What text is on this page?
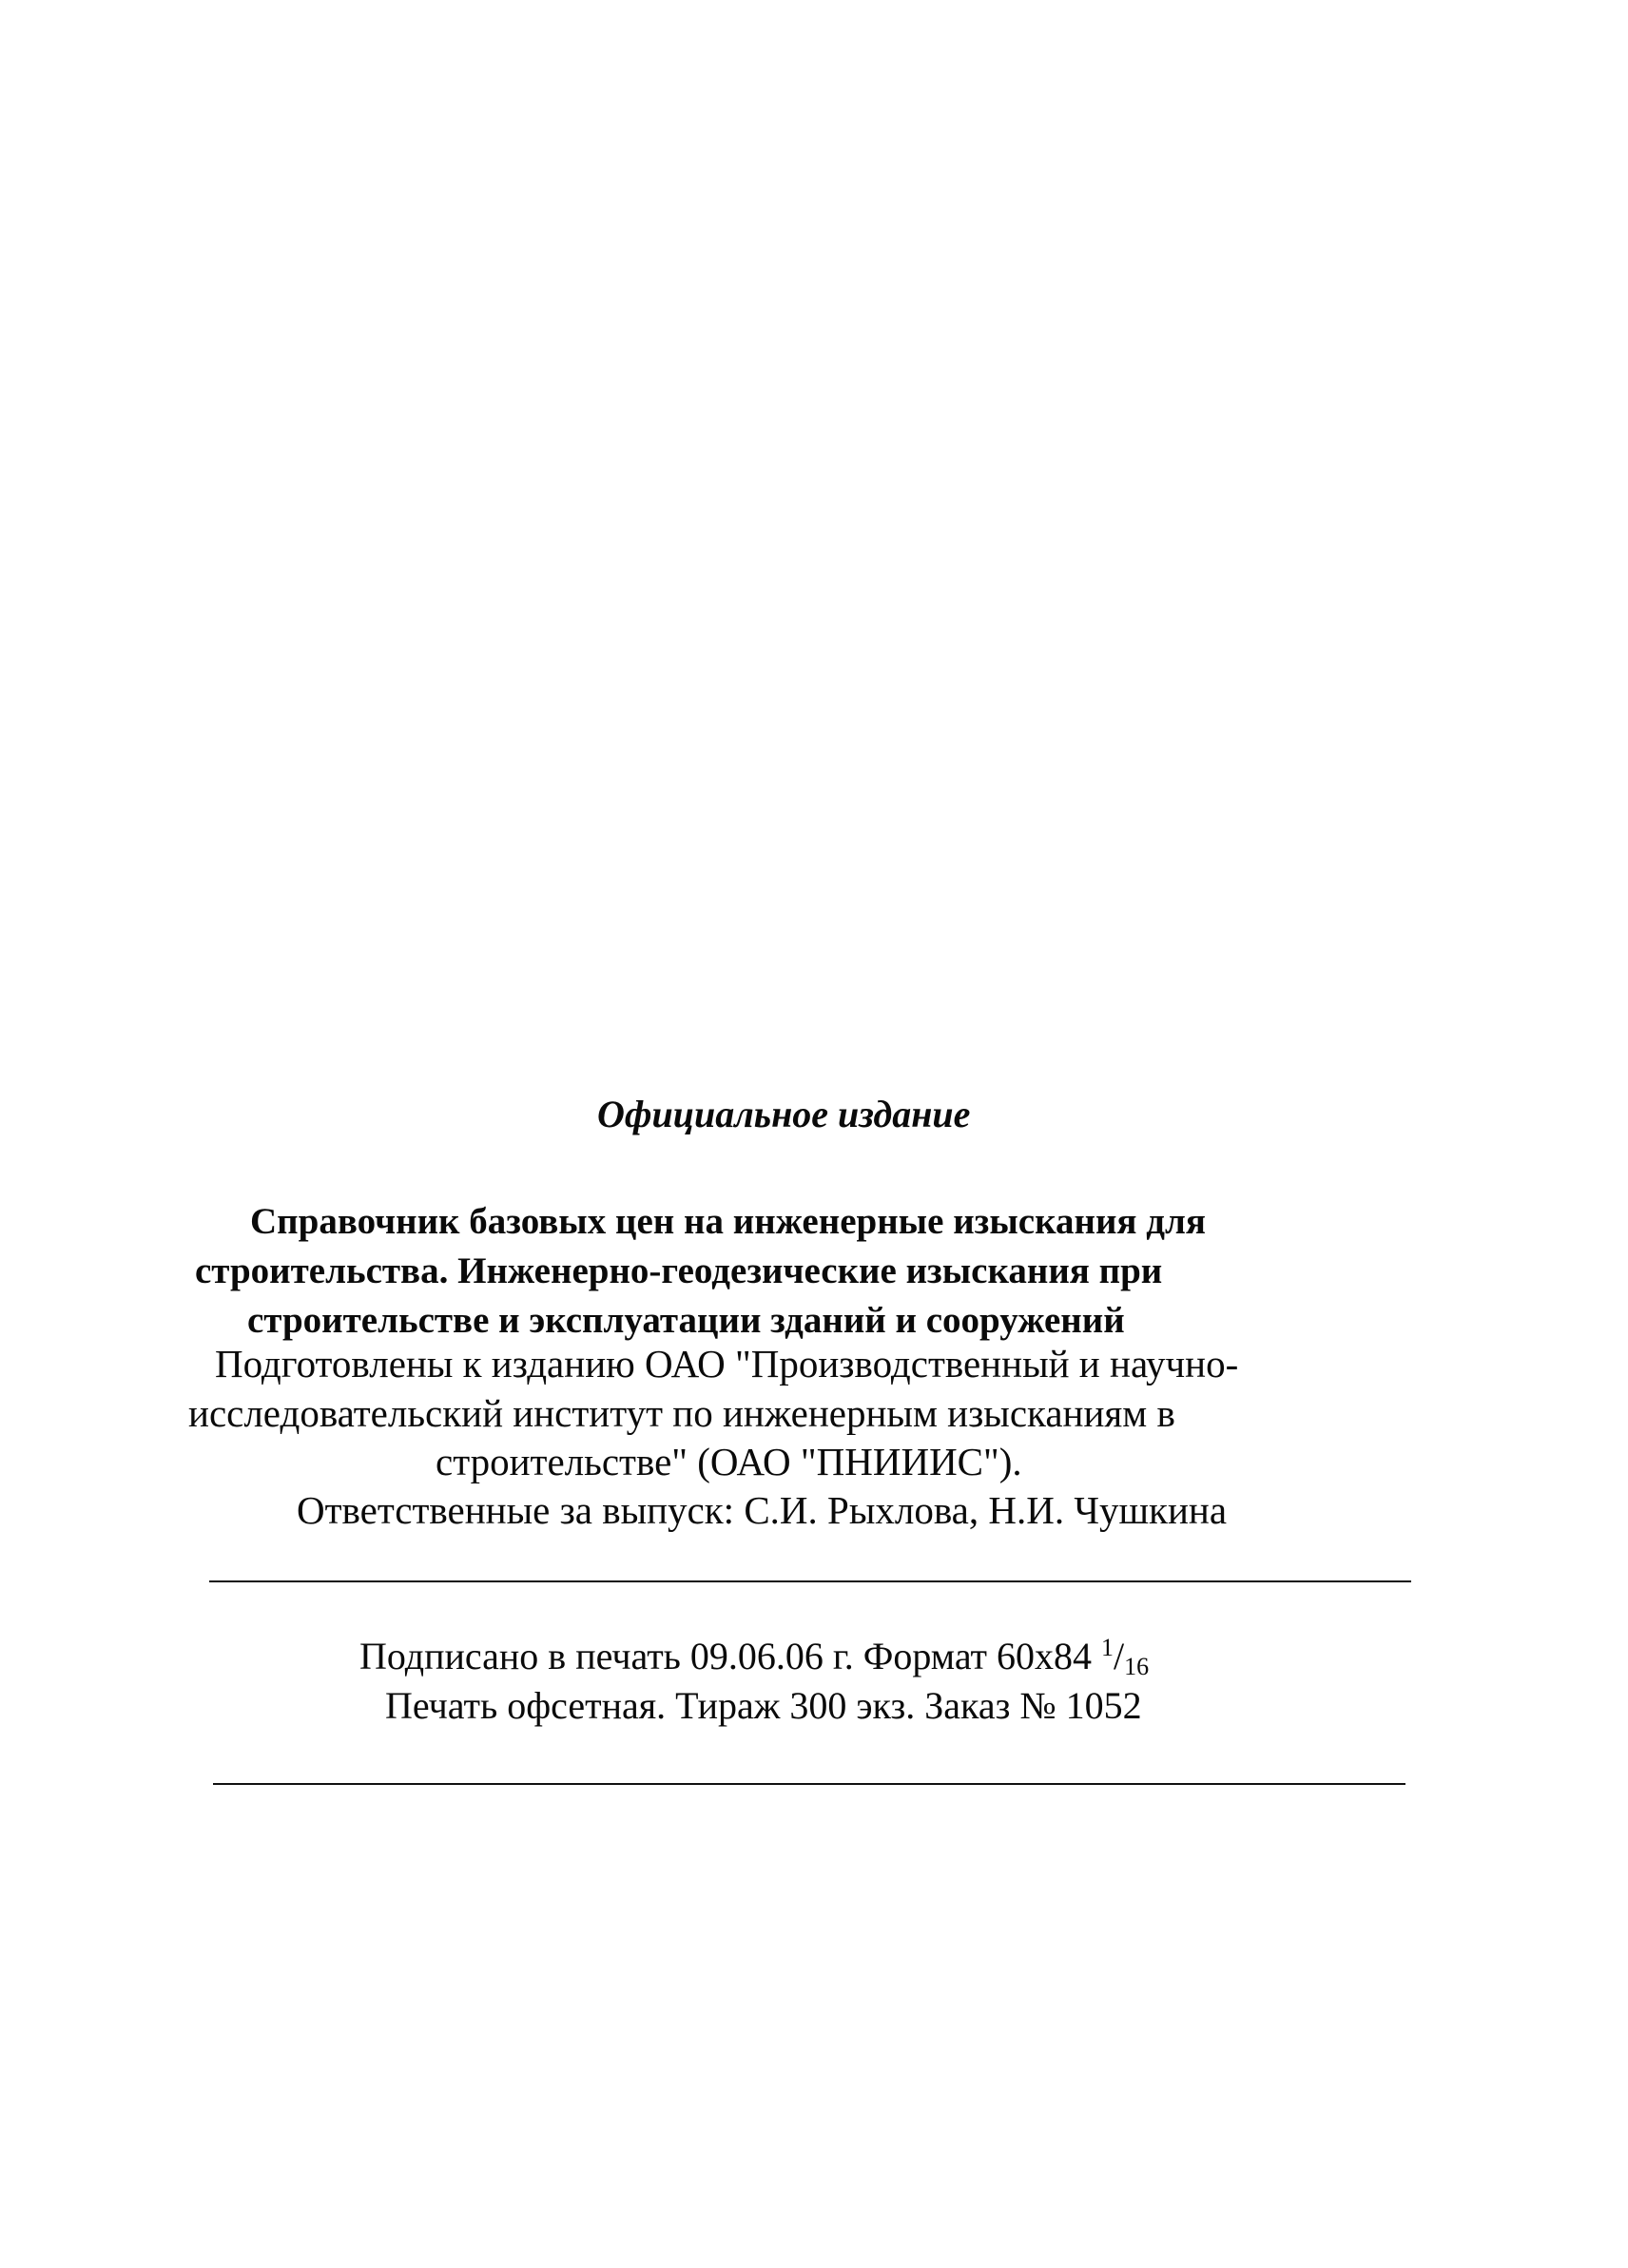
Официальное издание

Справочник базовых цен на инженерные изыскания для

строительства. Инженерно-геодезические изыскания при

строительстве и эксплуатации зданий и сооружений

Подготовлены к изданию ОАО "Производственный и научно-

исследовательский институт по инженерным изысканиям в

строительстве" (ОАО "ПНИИИС").

Ответственные за выпуск: С.И. Рыхлова, Н.И. Чушкина

Подписано в печать 09.06.06 г. Формат 60х84 $^1$/16

Печать офсетная. Тираж 300 экз. Заказ № 1052
